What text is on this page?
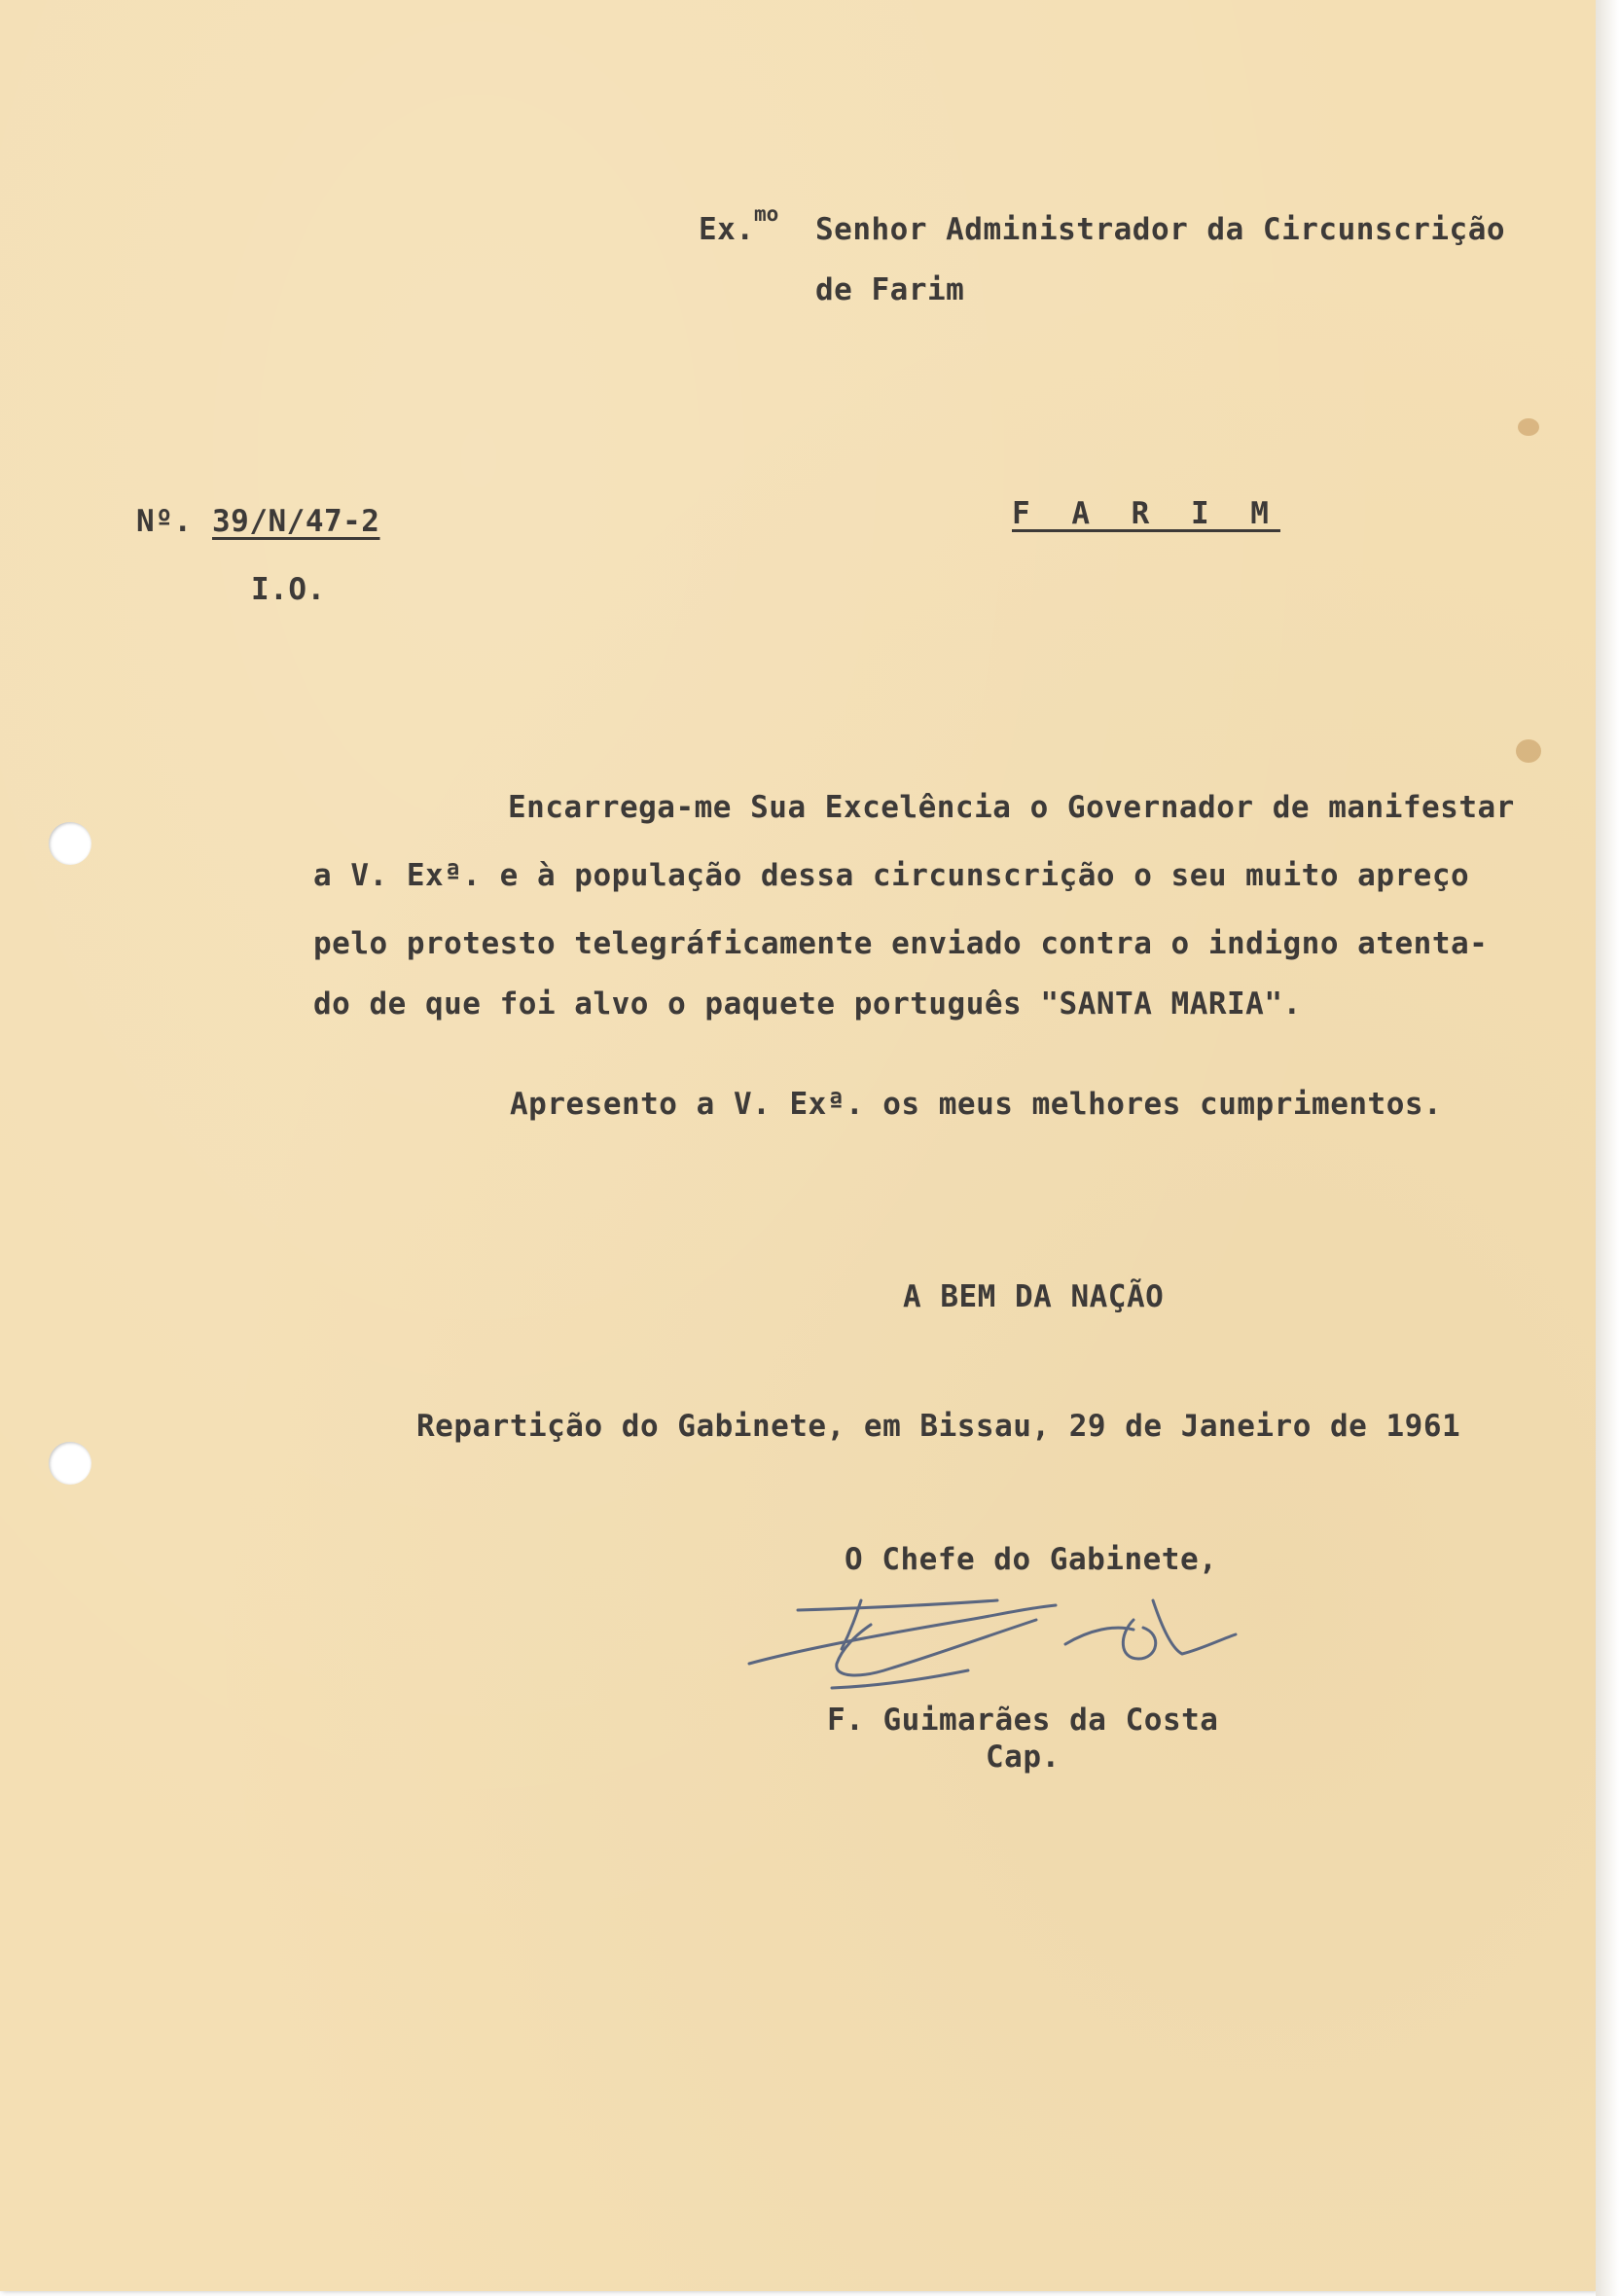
Ex. mo Senhor Administrador da Circunscrição
de Farim
Nº. 39/N/47-2
I.O.
F A R I M
Encarrega-me Sua Excelência o Governador de manifestar
a V. Exª. e à população dessa circunscrição o seu muito apreço
pelo protesto telegráficamente enviado contra o indigno atenta-
do de que foi alvo o paquete português "SANTA MARIA".
Apresento a V. Exª. os meus melhores cumprimentos.
A BEM DA NAÇÃO
Repartição do Gabinete, em Bissau, 29 de Janeiro de 1961
O Chefe do Gabinete,
F. Guimarães da Costa
Cap.
